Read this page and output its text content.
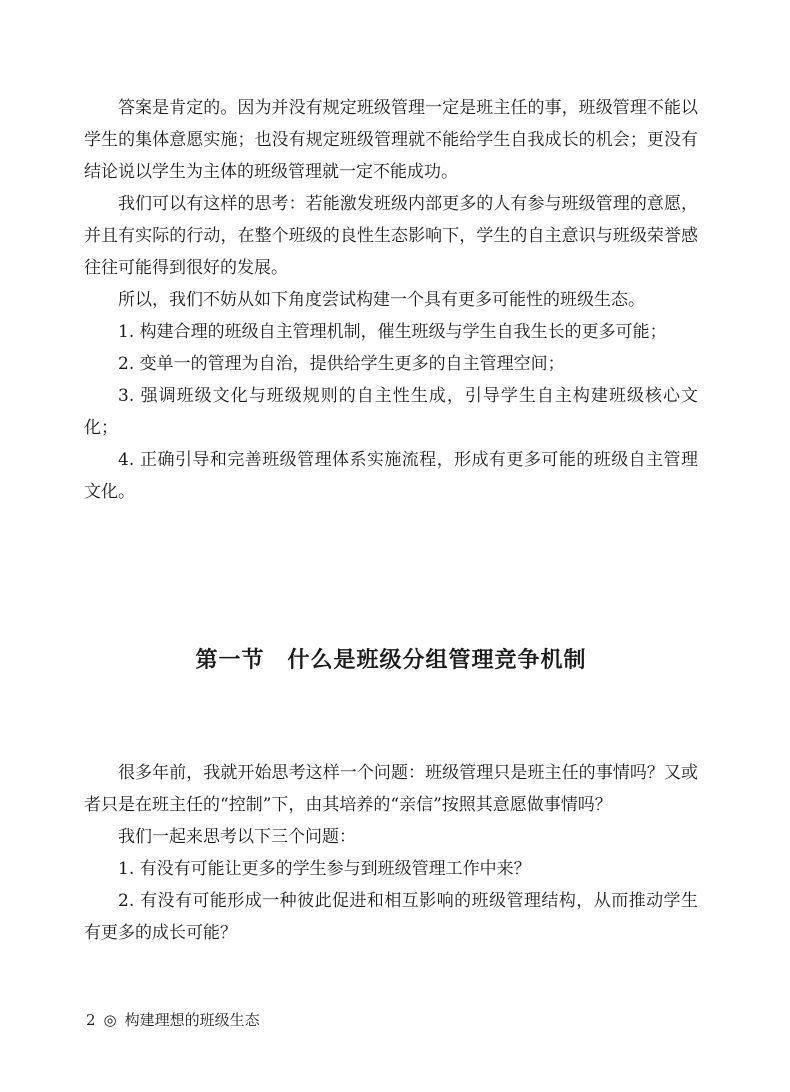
答案是肯定的。因为并没有规定班级管理一定是班主任的事，班级管理不能以学生的集体意愿实施；也没有规定班级管理就不能给学生自我成长的机会；更没有结论说以学生为主体的班级管理就一定不能成功。

我们可以有这样的思考：若能激发班级内部更多的人有参与班级管理的意愿，并且有实际的行动，在整个班级的良性生态影响下，学生的自主意识与班级荣誉感往往可能得到很好的发展。

所以，我们不妨从如下角度尝试构建一个具有更多可能性的班级生态。

1. 构建合理的班级自主管理机制，催生班级与学生自我生长的更多可能；

2. 变单一的管理为自治，提供给学生更多的自主管理空间；

3. 强调班级文化与班级规则的自主性生成，引导学生自主构建班级核心文化；

4. 正确引导和完善班级管理体系实施流程，形成有更多可能的班级自主管理文化。

第一节　什么是班级分组管理竞争机制

很多年前，我就开始思考这样一个问题：班级管理只是班主任的事情吗？又或者只是在班主任的“控制”下，由其培养的“亲信”按照其意愿做事情吗？

我们一起来思考以下三个问题：

1. 有没有可能让更多的学生参与到班级管理工作中来？

2. 有没有可能形成一种彼此促进和相互影响的班级管理结构，从而推动学生有更多的成长可能？

2 ◎ 构建理想的班级生态
